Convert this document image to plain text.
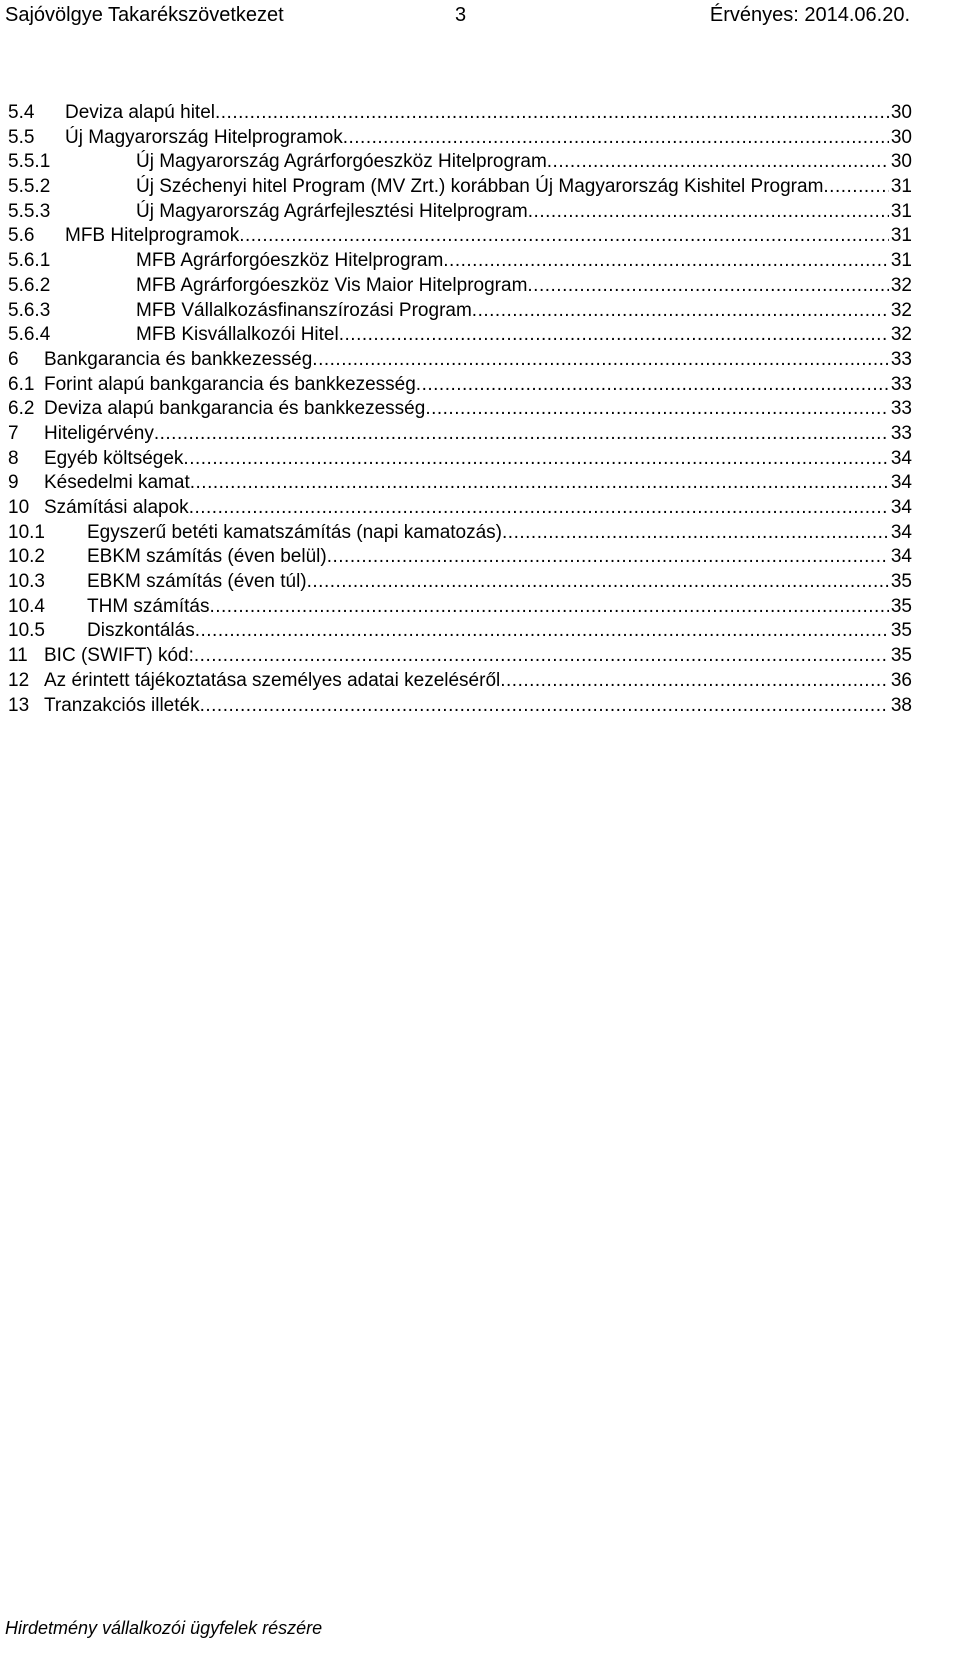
Sajóvölgye Takarékszövetkezet	3	Érvényes: 2014.06.20.
5.4 Deviza alapú hitel .....	30
5.5 Új Magyarország Hitelprogramok .....	30
5.5.1	Új Magyarország Agrárforgóeszköz Hitelprogram .....	30
5.5.2	Új Széchenyi hitel Program (MV Zrt.) korábban Új Magyarország Kishitel Program .....	31
5.5.3	Új Magyarország Agrárfejlesztési Hitelprogram .....	31
5.6 MFB Hitelprogramok .....	31
5.6.1	MFB Agrárforgóeszköz Hitelprogram .....	31
5.6.2	MFB Agrárforgóeszköz Vis Maior Hitelprogram .....	32
5.6.3	MFB Vállalkozásfinanszírozási Program .....	32
5.6.4	MFB Kisvállalkozói Hitel .....	32
6 Bankgarancia és bankkezesség .....	33
6.1 Forint alapú bankgarancia és bankkezesség .....	33
6.2 Deviza alapú bankgarancia és bankkezesség .....	33
7 Hiteligérvény .....	33
8 Egyéb költségek .....	34
9 Késedelmi kamat .....	34
10 Számítási alapok .....	34
10.1 Egyszerű betéti kamatszámítás (napi kamatozás) .....	34
10.2 EBKM számítás (éven belül) .....	34
10.3 EBKM számítás (éven túl) .....	35
10.4 THM számítás .....	35
10.5 Diszkontálás .....	35
11 BIC (SWIFT) kód: .....	35
12 Az érintett tájékoztatása személyes adatai kezeléséről .....	36
13 Tranzakciós illeték .....	38
Hirdetmény vállalkozói ügyfelek részére
